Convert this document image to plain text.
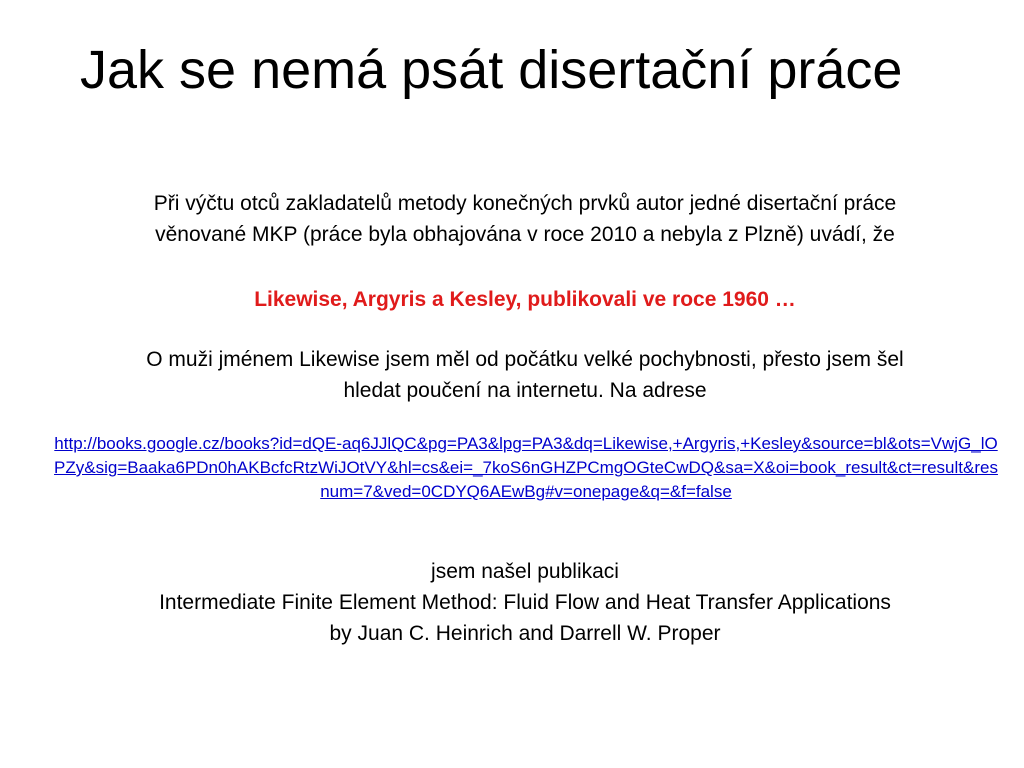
Jak se nemá psát disertační práce
Při výčtu otců zakladatelů metody konečných prvků autor jedné disertační práce
věnované MKP (práce byla obhajována v roce 2010 a nebyla z Plzně) uvádí, že
Likewise, Argyris a Kesley, publikovali ve roce 1960 …
O muži jménem Likewise jsem měl od počátku velké pochybnosti, přesto jsem šel
hledat poučení na internetu. Na adrese
http://books.google.cz/books?id=dQE-aq6JJlQC&pg=PA3&lpg=PA3&dq=Likewise,+Argyris,+Kesley&source=bl&ots=VwjG_lOPZy&sig=Baaka6PDn0hAKBcfcRtzWiJOtVY&hl=cs&ei=_7koS6nGHZPCmgOGteCwDQ&sa=X&oi=book_result&ct=result&resnum=7&ved=0CDYQ6AEwBg#v=onepage&q=&f=false
jsem našel publikaci
Intermediate Finite Element Method: Fluid Flow and Heat Transfer Applications
by Juan C. Heinrich and Darrell W. Proper
